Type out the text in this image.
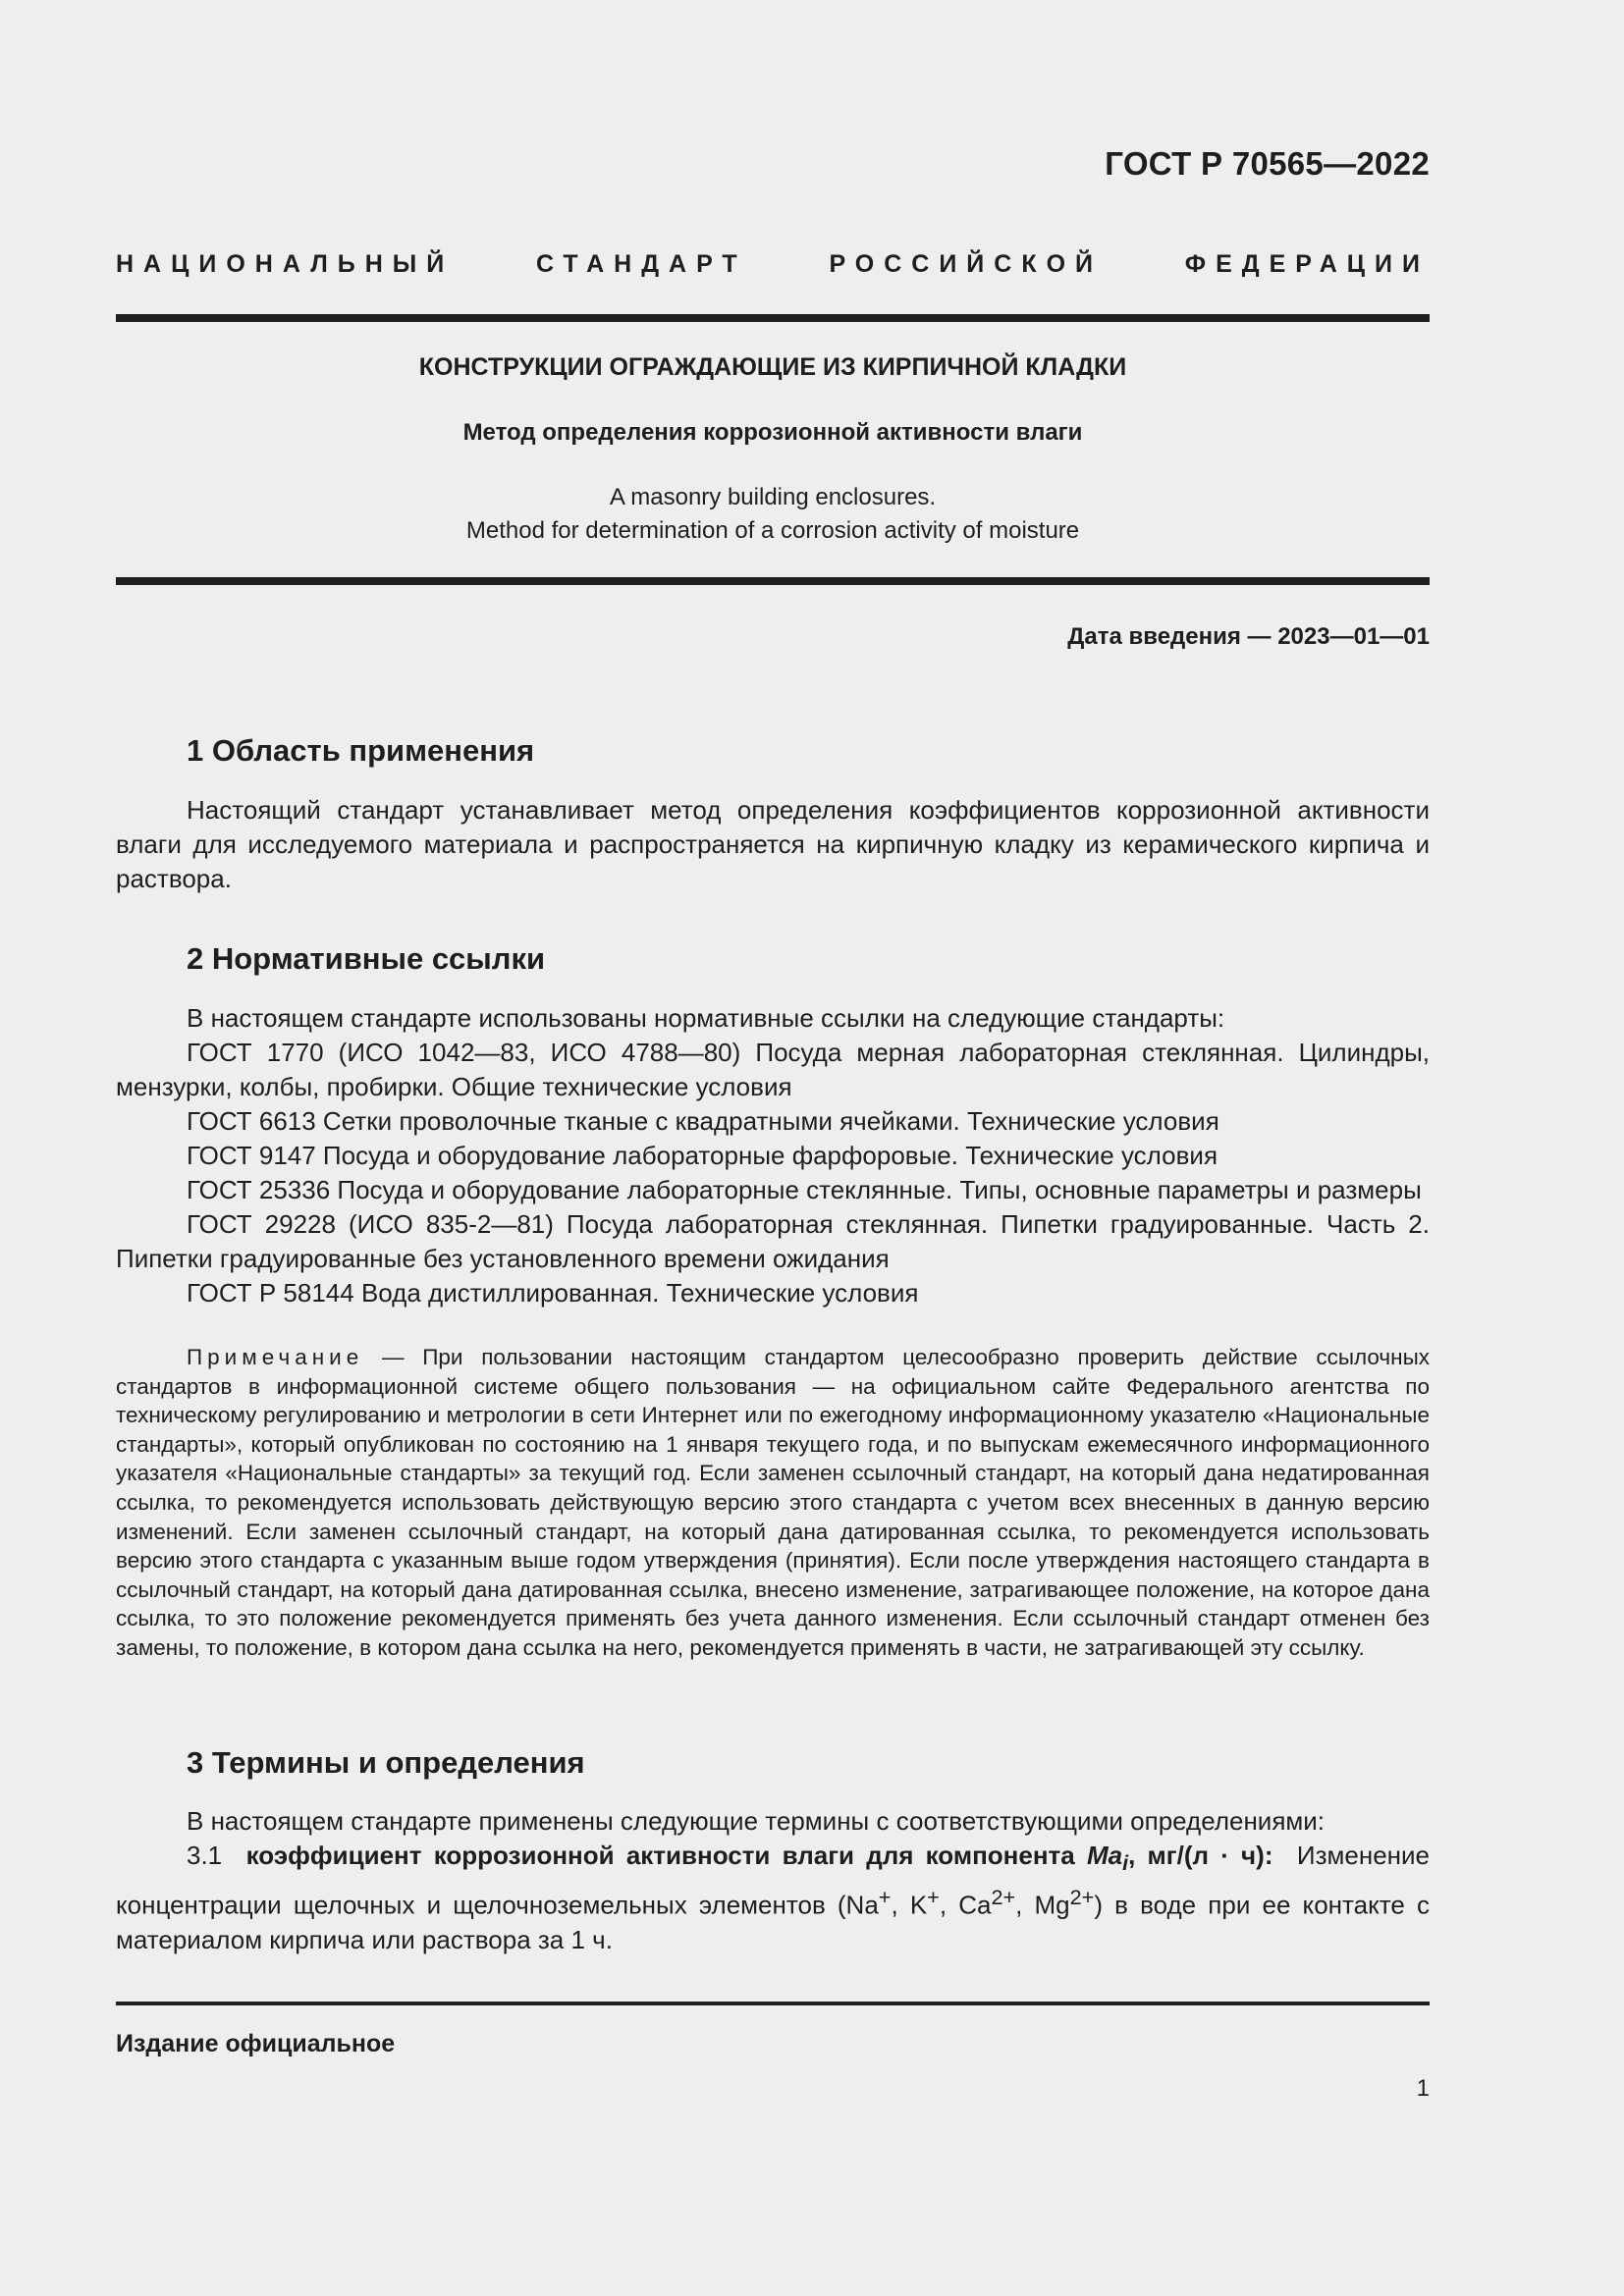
ГОСТ Р 70565—2022
НАЦИОНАЛЬНЫЙ СТАНДАРТ РОССИЙСКОЙ ФЕДЕРАЦИИ
КОНСТРУКЦИИ ОГРАЖДАЮЩИЕ ИЗ КИРПИЧНОЙ КЛАДКИ
Метод определения коррозионной активности влаги
A masonry building enclosures.
Method for determination of a corrosion activity of moisture
Дата введения — 2023—01—01
1 Область применения
Настоящий стандарт устанавливает метод определения коэффициентов коррозионной активности влаги для исследуемого материала и распространяется на кирпичную кладку из керамического кирпича и раствора.
2 Нормативные ссылки
В настоящем стандарте использованы нормативные ссылки на следующие стандарты:
ГОСТ 1770 (ИСО 1042—83, ИСО 4788—80) Посуда мерная лабораторная стеклянная. Цилиндры, мензурки, колбы, пробирки. Общие технические условия
ГОСТ 6613 Сетки проволочные тканые с квадратными ячейками. Технические условия
ГОСТ 9147 Посуда и оборудование лабораторные фарфоровые. Технические условия
ГОСТ 25336 Посуда и оборудование лабораторные стеклянные. Типы, основные параметры и размеры
ГОСТ 29228 (ИСО 835-2—81) Посуда лабораторная стеклянная. Пипетки градуированные. Часть 2. Пипетки градуированные без установленного времени ожидания
ГОСТ Р 58144 Вода дистиллированная. Технические условия
Примечание — При пользовании настоящим стандартом целесообразно проверить действие ссылочных стандартов в информационной системе общего пользования — на официальном сайте Федерального агентства по техническому регулированию и метрологии в сети Интернет или по ежегодному информационному указателю «Национальные стандарты», который опубликован по состоянию на 1 января текущего года, и по выпускам ежемесячного информационного указателя «Национальные стандарты» за текущий год. Если заменен ссылочный стандарт, на который дана недатированная ссылка, то рекомендуется использовать действующую версию этого стандарта с учетом всех внесенных в данную версию изменений. Если заменен ссылочный стандарт, на который дана датированная ссылка, то рекомендуется использовать версию этого стандарта с указанным выше годом утверждения (принятия). Если после утверждения настоящего стандарта в ссылочный стандарт, на который дана датированная ссылка, внесено изменение, затрагивающее положение, на которое дана ссылка, то это положение рекомендуется применять без учета данного изменения. Если ссылочный стандарт отменен без замены, то положение, в котором дана ссылка на него, рекомендуется применять в части, не затрагивающей эту ссылку.
3 Термины и определения
В настоящем стандарте применены следующие термины с соответствующими определениями:
3.1 коэффициент коррозионной активности влаги для компонента $Ma_i$, мг/(л · ч): Изменение концентрации щелочных и щелочноземельных элементов (Na+, K+, $Ca^{2+}$, $Mg^{2+}$) в воде при ее контакте с материалом кирпича или раствора за 1 ч.
Издание официальное
1
